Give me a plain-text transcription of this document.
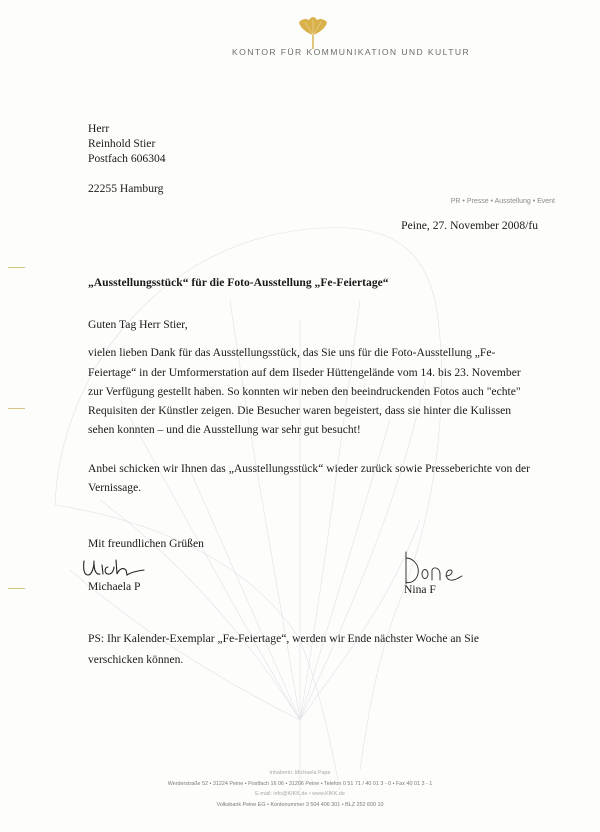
KONTOR FÜR KOMMUNIKATION UND KULTUR
Herr
Reinhold Stier
Postfach 606304
22255 Hamburg
PR • Presse • Ausstellung • Event
Peine, 27. November 2008/fu
„Ausstellungsstück“ für die Foto-Ausstellung „Fe-Feiertage“

Guten Tag Herr Stier,

vielen lieben Dank für das Ausstellungsstück, das Sie uns für die Foto-Ausstellung „Fe-Feiertage“ in der Umformerstation auf dem Ilseder Hüttengelände vom 14. bis 23. November zur Verfügung gestellt haben. So konnten wir neben den beeindruckenden Fotos auch "echte" Requisiten der Künstler zeigen. Die Besucher waren begeistert, dass sie hinter die Kulissen sehen konnten – und die Ausstellung war sehr gut besucht!

Anbei schicken wir Ihnen das „Ausstellungsstück“ wieder zurück sowie Presseberichte von der Vernissage.

Mit freundlichen Grüßen
Michaela P	Nina F
PS: Ihr Kalender-Exemplar „Fe-Feiertage“, werden wir Ende nächster Woche an Sie verschicken können.
Inhaberin: Michaela Pape
Werderstraße 52 • 31224 Peine • Postfach 16 06 • 31206 Peine • Telefon 0 51 71 / 40 01 3 - 0 • Fax 40 01 3 - 1
E-mail: info@KIKK.de • www.KIKK.de
Volksbank Peine EG • Kontonummer 3 504 406 301 • BLZ 252 600 10
